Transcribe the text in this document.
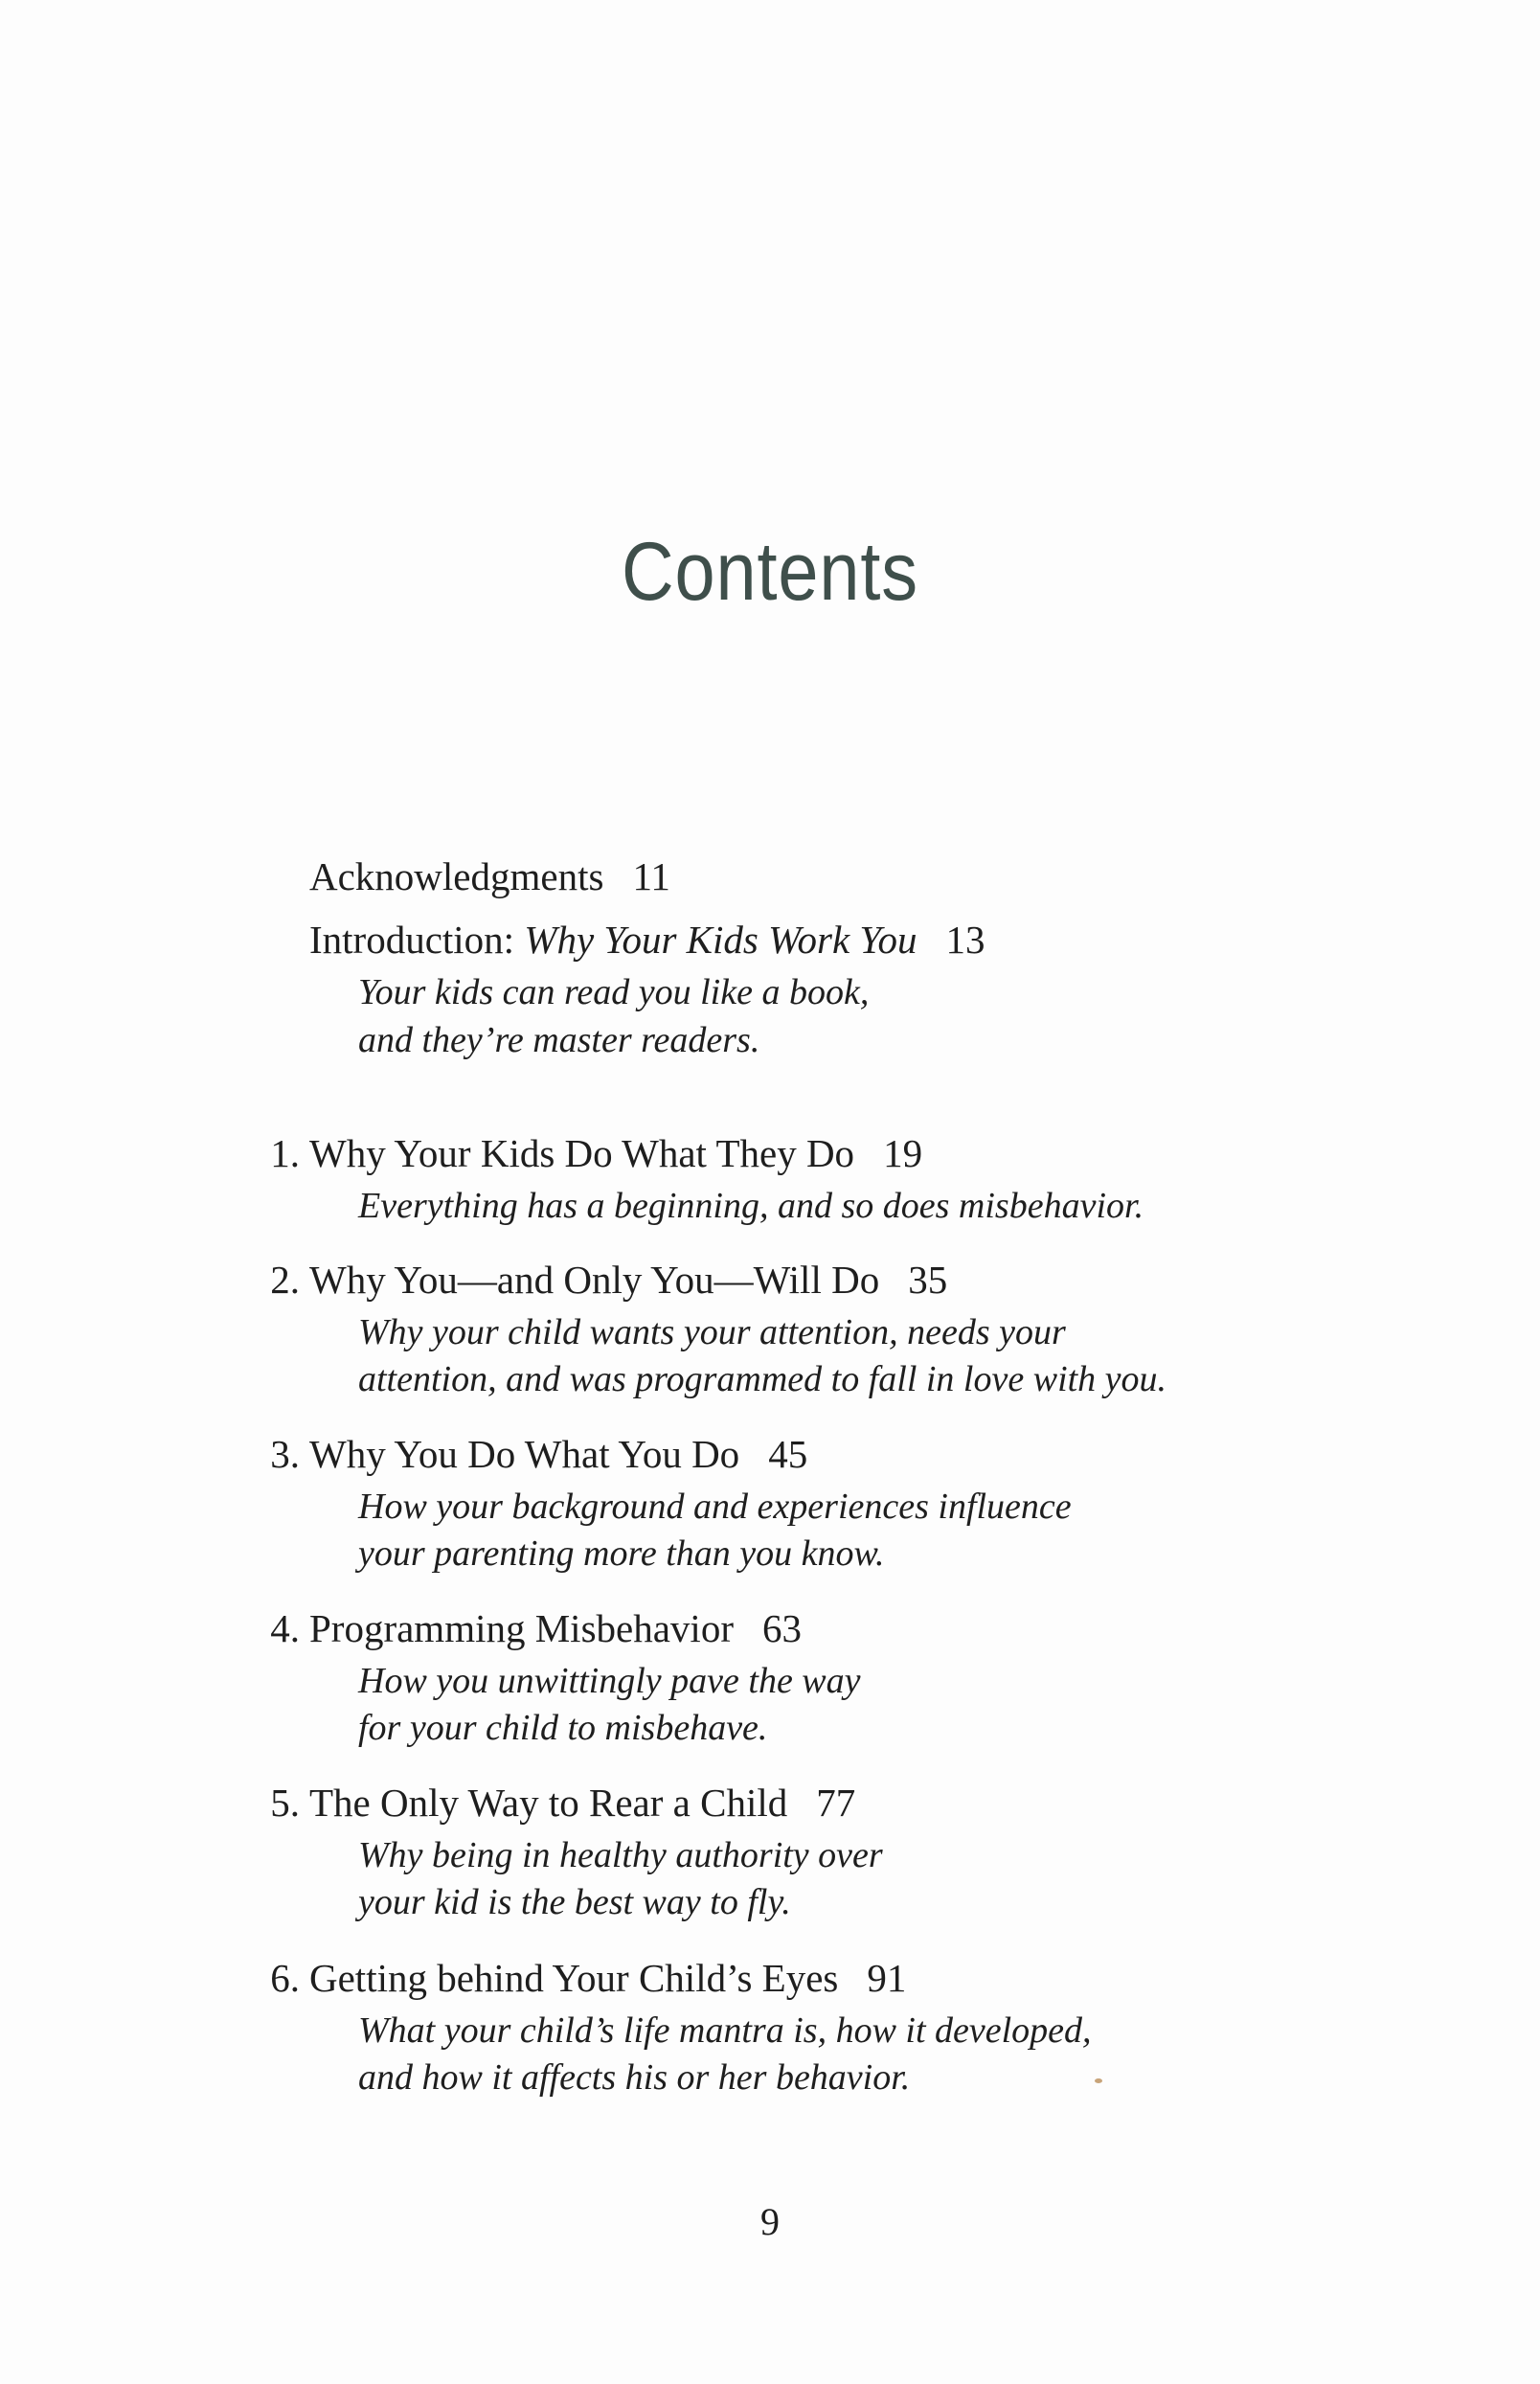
Contents
Acknowledgments 11
Introduction: Why Your Kids Work You 13
Your kids can read you like a book,
and they’re master readers.
1. Why Your Kids Do What They Do 19
Everything has a beginning, and so does misbehavior.
2. Why You—and Only You—Will Do 35
Why your child wants your attention, needs your
attention, and was programmed to fall in love with you.
3. Why You Do What You Do 45
How your background and experiences influence
your parenting more than you know.
4. Programming Misbehavior 63
How you unwittingly pave the way
for your child to misbehave.
5. The Only Way to Rear a Child 77
Why being in healthy authority over
your kid is the best way to fly.
6. Getting behind Your Child’s Eyes 91
What your child’s life mantra is, how it developed,
and how it affects his or her behavior.
9
